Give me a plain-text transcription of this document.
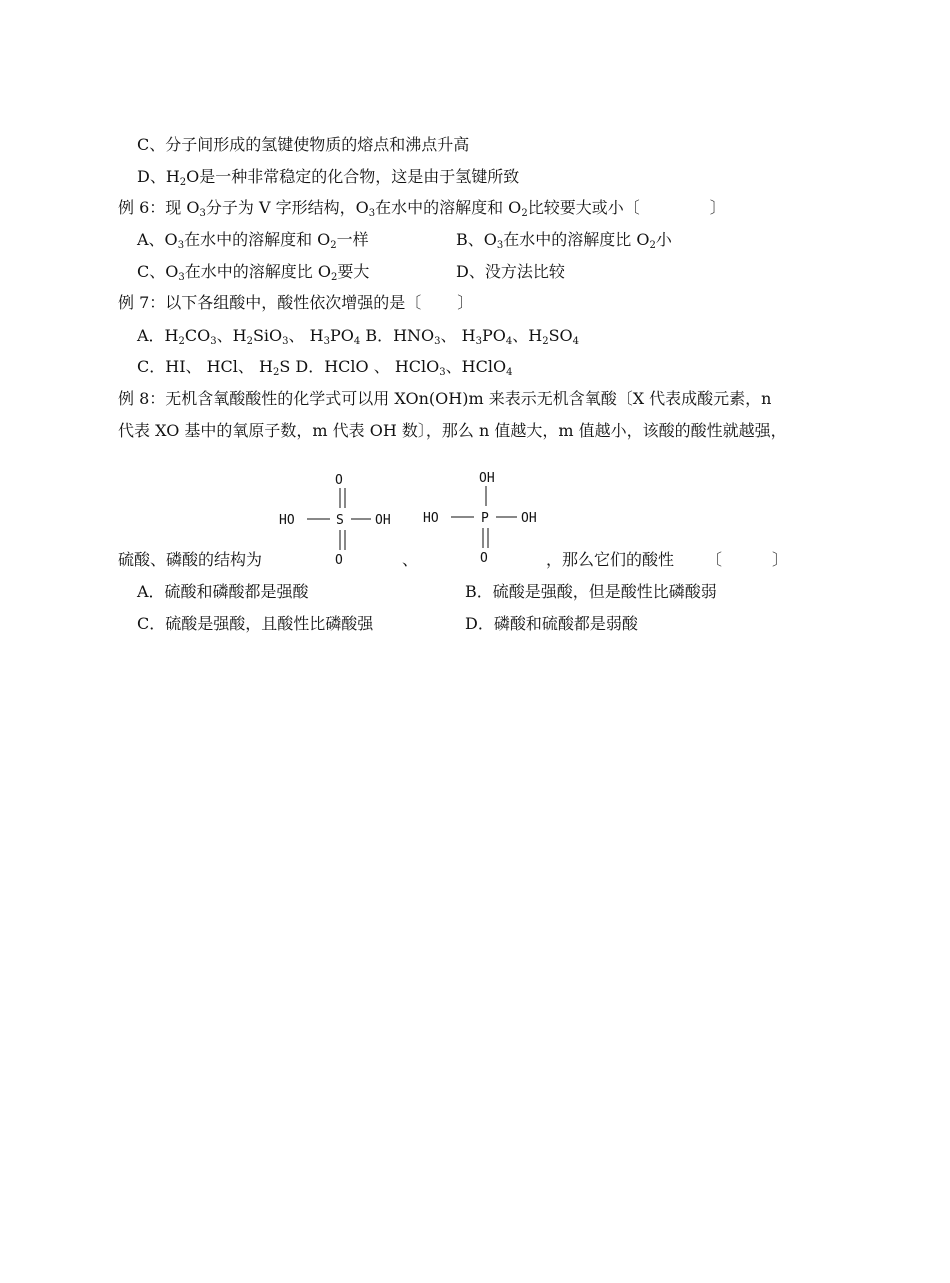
C、分子间形成的氢键使物质的熔点和沸点升高
D、$H_2O$是一种非常稳定的化合物，这是由于氢键所致
例 6：现 $O_3$分子为 V 字形结构，$O_3$在水中的溶解度和 $O_2$比较要大或小〔	〕
A、$O_3$在水中的溶解度和 $O_2$一样	B、$O_3$在水中的溶解度比 $O_2$小
C、$O_3$在水中的溶解度比 $O_2$要大	D、没方法比较
例 7：以下各组酸中，酸性依次增强的是〔 〕
A．$H_2CO_3$、$H_2SiO_3$、 $H_3PO_4$ B．$HNO_3$、 $H_3PO_4$、$H_2SO_4$
C．HI、 HCl、 $H_2S$ D．HClO 、 HClO$_3$、HClO$_4$
例 8：无机含氧酸酸性的化学式可以用 XOn(OH)m 来表示无机含氧酸〔X 代表成酸元素，n
代表 XO 基中的氧原子数，m 代表 OH 数〕，那么 n 值越大，m 值越小，该酸的酸性就越强，
O
HO	S OH
O
OH
HO	P OH
O
硫酸、磷酸的结构为	、	，那么它们的酸性 〔	〕
A．硫酸和磷酸都是强酸	B．硫酸是强酸，但是酸性比磷酸弱
C．硫酸是强酸，且酸性比磷酸强	D．磷酸和硫酸都是弱酸
